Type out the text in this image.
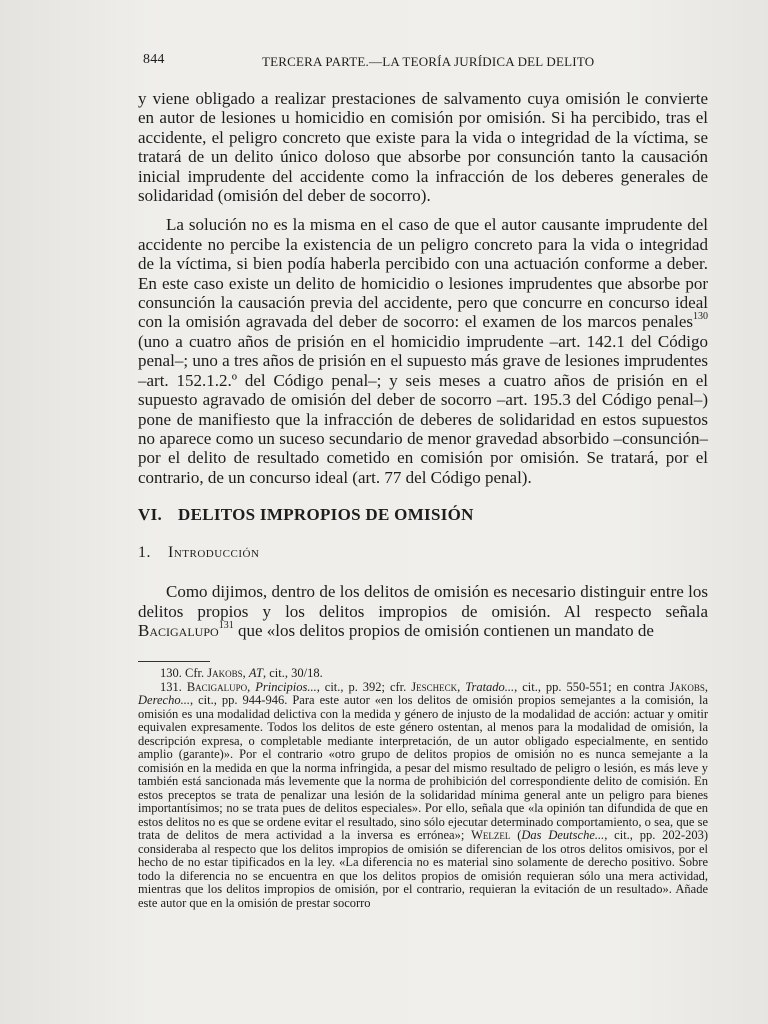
844	TERCERA PARTE.—LA TEORÍA JURÍDICA DEL DELITO

y viene obligado a realizar prestaciones de salvamento cuya omisión le convierte en autor de lesiones u homicidio en comisión por omisión. Si ha percibido, tras el accidente, el peligro concreto que existe para la vida o integridad de la víctima, se tratará de un delito único doloso que absorbe por consunción tanto la causación inicial imprudente del accidente como la infracción de los deberes generales de solidaridad (omisión del deber de socorro).

La solución no es la misma en el caso de que el autor causante imprudente del accidente no percibe la existencia de un peligro concreto para la vida o integridad de la víctima, si bien podía haberla percibido con una actuación conforme a deber. En este caso existe un delito de homicidio o lesiones imprudentes que absorbe por consunción la causación previa del accidente, pero que concurre en concurso ideal con la omisión agravada del deber de socorro: el examen de los marcos penales$^{130}$ (uno a cuatro años de prisión en el homicidio imprudente –art. 142.1 del Código penal–; uno a tres años de prisión en el supuesto más grave de lesiones imprudentes –art. 152.1.2.º del Código penal–; y seis meses a cuatro años de prisión en el supuesto agravado de omisión del deber de socorro –art. 195.3 del Código penal–) pone de manifiesto que la infracción de deberes de solidaridad en estos supuestos no aparece como un suceso secundario de menor gravedad absorbido –consunción– por el delito de resultado cometido en comisión por omisión. Se tratará, por el contrario, de un concurso ideal (art. 77 del Código penal).

VI. DELITOS IMPROPIOS DE OMISIÓN
1. Introducción

Como dijimos, dentro de los delitos de omisión es necesario distinguir entre los delitos propios y los delitos impropios de omisión. Al respecto señala Bacigalupo$^{131}$ que «los delitos propios de omisión contienen un mandato de

130. Cfr. Jakobs, AT, cit., 30/18.

131. Bacigalupo, Principios..., cit., p. 392; cfr. Jescheck, Tratado..., cit., pp. 550-551; en contra Jakobs, Derecho..., cit., pp. 944-946. Para este autor «en los delitos de omisión propios semejantes a la comisión, la omisión es una modalidad delictiva con la medida y género de injusto de la modalidad de acción: actuar y omitir equivalen expresamente. Todos los delitos de este género ostentan, al menos para la modalidad de omisión, la descripción expresa, o completable mediante interpretación, de un autor obligado especialmente, en sentido amplio (garante)». Por el contrario «otro grupo de delitos propios de omisión no es nunca semejante a la comisión en la medida en que la norma infringida, a pesar del mismo resultado de peligro o lesión, es más leve y también está sancionada más levemente que la norma de prohibición del correspondiente delito de comisión. En estos preceptos se trata de penalizar una lesión de la solidaridad mínima general ante un peligro para bienes importantísimos; no se trata pues de delitos especiales». Por ello, señala que «la opinión tan difundida de que en estos delitos no es que se ordene evitar el resultado, sino sólo ejecutar determinado comportamiento, o sea, que se trata de delitos de mera actividad a la inversa es errónea»; Welzel (Das Deutsche..., cit., pp. 202-203) consideraba al respecto que los delitos impropios de omisión se diferencian de los otros delitos omisivos, por el hecho de no estar tipificados en la ley. «La diferencia no es material sino solamente de derecho positivo. Sobre todo la diferencia no se encuentra en que los delitos propios de omisión requieran sólo una mera actividad, mientras que los delitos impropios de omisión, por el contrario, requieran la evitación de un resultado». Añade este autor que en la omisión de prestar socorro
